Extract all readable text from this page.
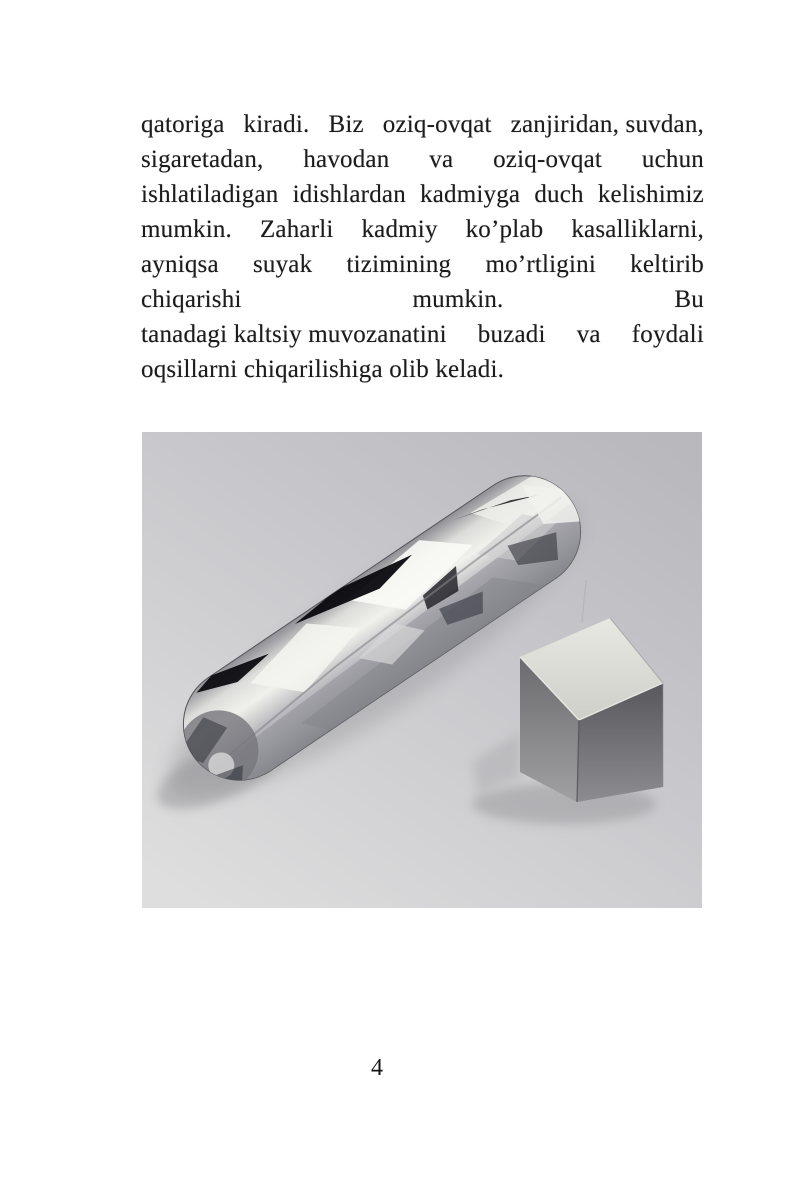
qatoriga kiradi. Biz oziq-ovqat zanjiridan, suvdan,
sigaretadan, havodan va oziq-ovqat uchun
ishlatiladigan idishlardan kadmiyga duch kelishimiz
mumkin. Zaharli kadmiy ko’plab kasalliklarni,
ayniqsa suyak tizimining mo’rtligini keltirib
chiqarishi	mumkin.	Bu
tanadagi kaltsiy muvozanatini buzadi va foydali
oqsillarni chiqarilishiga olib keladi.
4
